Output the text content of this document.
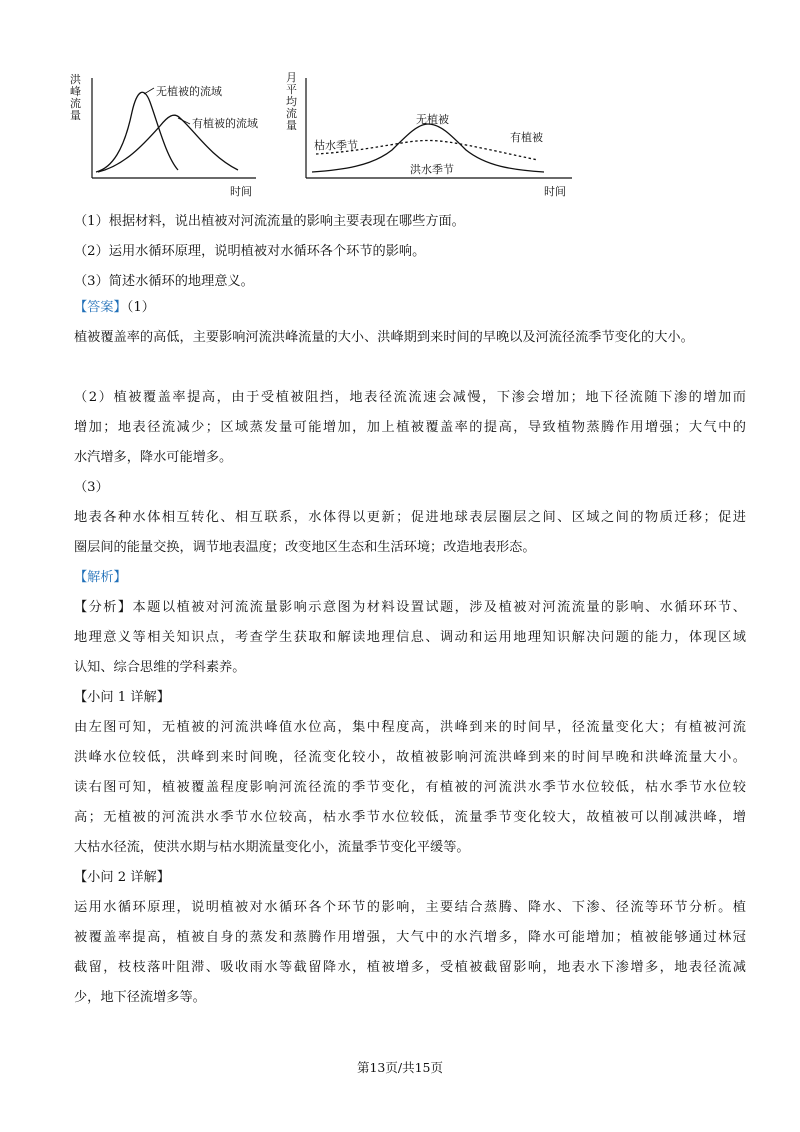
洪峰流量
时间
无植被的流域
有植被的流域
月平均流量
时间
无植被
有植被
枯水季节
洪水季节
（1）根据材料，说出植被对河流流量的影响主要表现在哪些方面。
（2）运用水循环原理，说明植被对水循环各个环节的影响。
（3）简述水循环的地理意义。
【答案】（1）
植被覆盖率的高低，主要影响河流洪峰流量的大小、洪峰期到来时间的早晚以及河流径流季节变化的大小。
（2）植被覆盖率提高，由于受植被阻挡，地表径流流速会减慢，下渗会增加；地下径流随下渗的增加而
增加；地表径流减少；区域蒸发量可能增加，加上植被覆盖率的提高，导致植物蒸腾作用增强；大气中的
水汽增多，降水可能增多。
（3）
地表各种水体相互转化、相互联系，水体得以更新；促进地球表层圈层之间、区域之间的物质迁移；促进
圈层间的能量交换，调节地表温度；改变地区生态和生活环境；改造地表形态。
【解析】
【分析】本题以植被对河流流量影响示意图为材料设置试题，涉及植被对河流流量的影响、水循环环节、
地理意义等相关知识点，考查学生获取和解读地理信息、调动和运用地理知识解决问题的能力，体现区域
认知、综合思维的学科素养。
【小问 1 详解】
由左图可知，无植被的河流洪峰值水位高，集中程度高，洪峰到来的时间早，径流量变化大；有植被河流
洪峰水位较低，洪峰到来时间晚，径流变化较小，故植被影响河流洪峰到来的时间早晚和洪峰流量大小。
读右图可知，植被覆盖程度影响河流径流的季节变化，有植被的河流洪水季节水位较低，枯水季节水位较
高；无植被的河流洪水季节水位较高，枯水季节水位较低，流量季节变化较大，故植被可以削减洪峰，增
大枯水径流，使洪水期与枯水期流量变化小，流量季节变化平缓等。
【小问 2 详解】
运用水循环原理，说明植被对水循环各个环节的影响，主要结合蒸腾、降水、下渗、径流等环节分析。植
被覆盖率提高，植被自身的蒸发和蒸腾作用增强，大气中的水汽增多，降水可能增加；植被能够通过林冠
截留，枝枝落叶阻滞、吸收雨水等截留降水，植被增多，受植被截留影响，地表水下渗增多，地表径流减
少，地下径流增多等。
第13页/共15页
